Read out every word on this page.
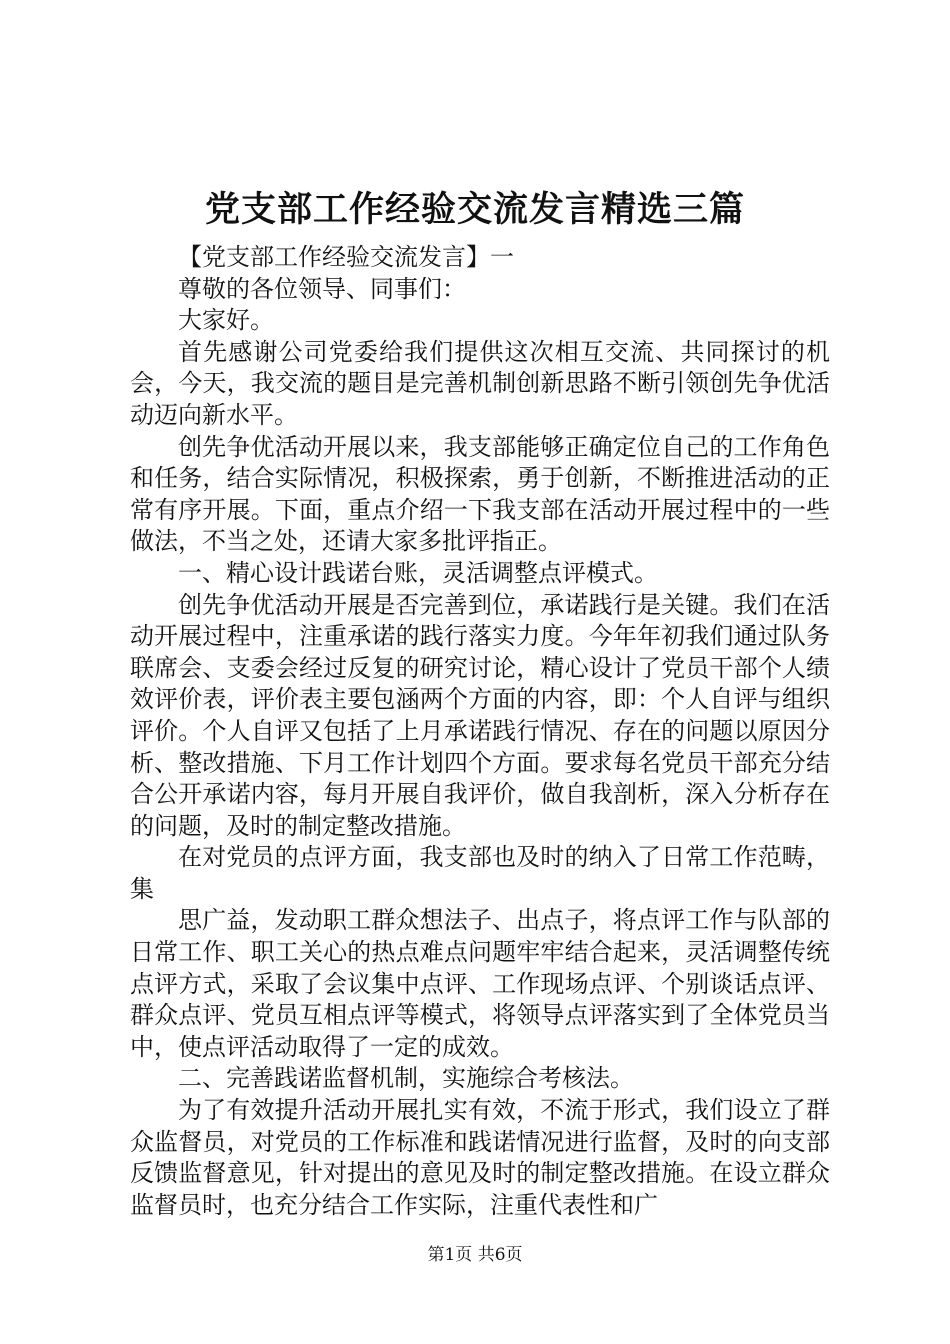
党支部工作经验交流发言精选三篇

【党支部工作经验交流发言】一

尊敬的各位领导、同事们：

大家好。

首先感谢公司党委给我们提供这次相互交流、共同探讨的机会，今天，我交流的题目是完善机制创新思路不断引领创先争优活动迈向新水平。

创先争优活动开展以来，我支部能够正确定位自己的工作角色和任务，结合实际情况，积极探索，勇于创新，不断推进活动的正常有序开展。下面，重点介绍一下我支部在活动开展过程中的一些做法，不当之处，还请大家多批评指正。

一、精心设计践诺台账，灵活调整点评模式。

创先争优活动开展是否完善到位，承诺践行是关键。我们在活动开展过程中，注重承诺的践行落实力度。今年年初我们通过队务联席会、支委会经过反复的研究讨论，精心设计了党员干部个人绩效评价表，评价表主要包涵两个方面的内容，即：个人自评与组织评价。个人自评又包括了上月承诺践行情况、存在的问题以原因分析、整改措施、下月工作计划四个方面。要求每名党员干部充分结合公开承诺内容，每月开展自我评价，做自我剖析，深入分析存在的问题，及时的制定整改措施。

在对党员的点评方面，我支部也及时的纳入了日常工作范畴，集

思广益，发动职工群众想法子、出点子，将点评工作与队部的日常工作、职工关心的热点难点问题牢牢结合起来，灵活调整传统点评方式，采取了会议集中点评、工作现场点评、个别谈话点评、群众点评、党员互相点评等模式，将领导点评落实到了全体党员当中，使点评活动取得了一定的成效。

二、完善践诺监督机制，实施综合考核法。

为了有效提升活动开展扎实有效，不流于形式，我们设立了群众监督员，对党员的工作标准和践诺情况进行监督，及时的向支部反馈监督意见，针对提出的意见及时的制定整改措施。在设立群众监督员时，也充分结合工作实际，注重代表性和广

第1页 共6页
